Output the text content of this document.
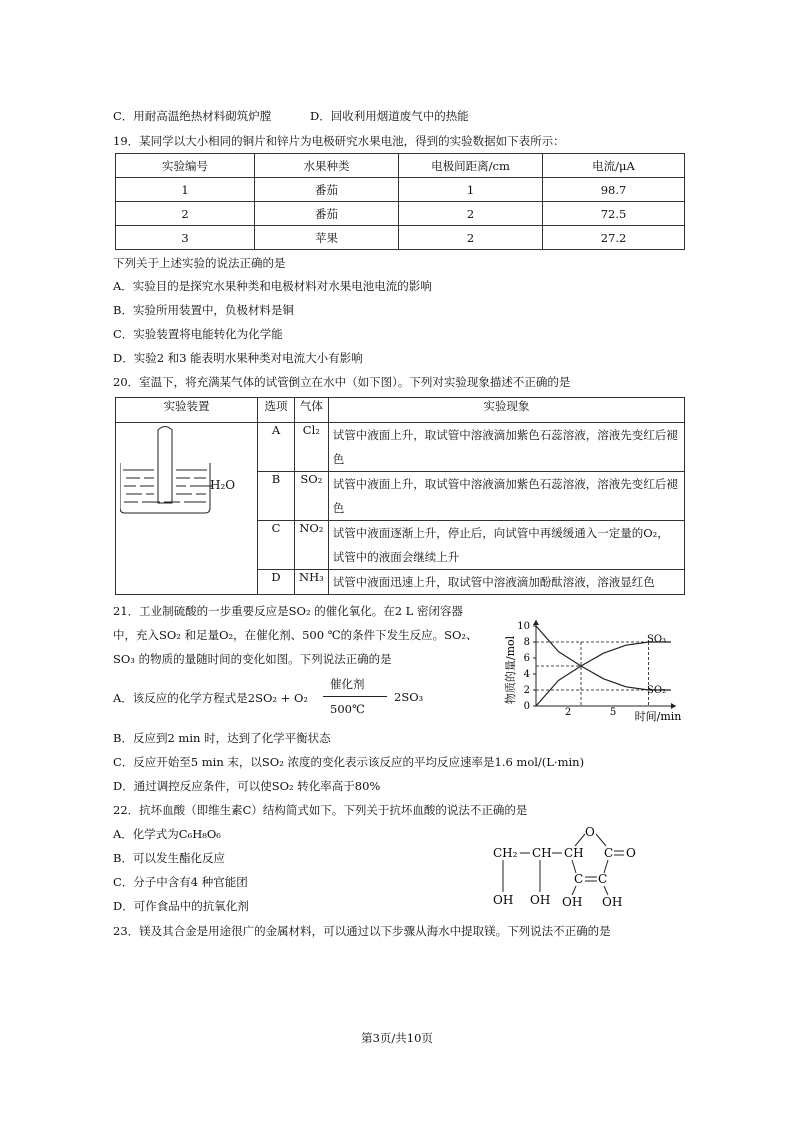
C．用耐高温绝热材料砌筑炉膛	D．回收利用烟道废气中的热能
19．某同学以大小相同的铜片和锌片为电极研究水果电池，得到的实验数据如下表所示：
实验编号	水果种类	电极间距离/cm	电流/μA
1	番茄	1	98.7
2	番茄	2	72.5
3	苹果	2	27.2
下列关于上述实验的说法正确的是
A．实验目的是探究水果种类和电极材料对水果电池电流的影响
B．实验所用装置中，负极材料是铜
C．实验装置将电能转化为化学能
D．实验2 和3 能表明水果种类对电流大小有影响
20．室温下，将充满某气体的试管倒立在水中（如下图）。下列对实验现象描述不正确的是
实验装置	选项	气体	实验现象

H₂O	A	Cl₂	试管中液面上升，取试管中溶液滴加紫色石蕊溶液，溶液先变红后褪色
	B	SO₂	试管中液面上升，取试管中溶液滴加紫色石蕊溶液，溶液先变红后褪色
	C	NO₂	试管中液面逐渐上升，停止后，向试管中再缓缓通入一定量的O₂，试管中的液面会继续上升
	D	NH₃	试管中液面迅速上升，取试管中溶液滴加酚酞溶液，溶液显红色
21．工业制硫酸的一步重要反应是SO₂ 的催化氧化。在2 L 密闭容器
中，充入SO₂ 和足量O₂，在催化剂、500 ℃的条件下发生反应。SO₂、
SO₃ 的物质的量随时间的变化如图。下列说法正确的是
A．该反应的化学方程式是2SO₂ + O₂
催化剂
500℃
2SO₃
B．反应到2 min 时，达到了化学平衡状态
C．反应开始至5 min 末，以SO₂ 浓度的变化表示该反应的平均反应速率是1.6 mol/(L·min)
D．通过调控反应条件，可以使SO₂ 转化率高于80%
物质的量/mol
时间/min
0
2
4
6
8
10
2	5
SO₃
SO₂
22．抗坏血酸（即维生素C）结构简式如下。下列关于抗坏血酸的说法不正确的是
A．化学式为C₆H₈O₆
B．可以发生酯化反应
C．分子中含有4 种官能团
D．可作食品中的抗氧化剂
CH₂ CH CH
O
C O
C C
OH OH OH OH
23．镁及其合金是用途很广的金属材料，可以通过以下步骤从海水中提取镁。下列说法不正确的是
第3页/共10页
